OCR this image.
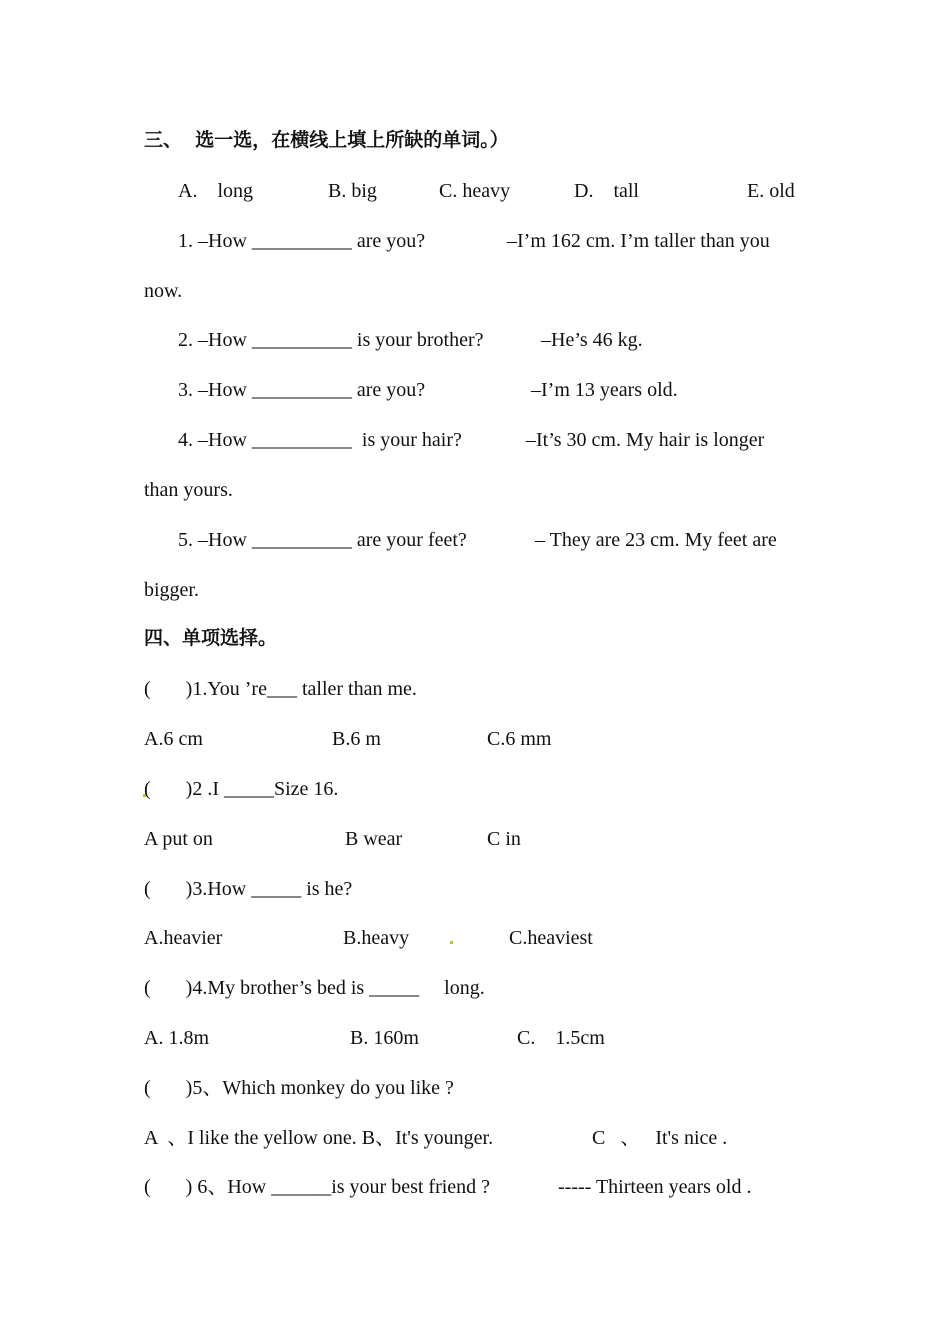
三、  选一选，在横线上填上所缺的单词。）
A.    long	B. big	C. heavy	D.    tall	E. old
1. –How __________ are you?	–I’m 162 cm. I’m taller than you
now.
2. –How __________ is your brother?	–He’s 46 kg.
3. –How __________ are you?	–I’m 13 years old.
4. –How __________  is your hair?	–It’s 30 cm. My hair is longer
than yours.
5. –How __________ are your feet?	– They are 23 cm. My feet are
bigger.
四、单项选择。
(       )1.You ’re___ taller than me.
A.6 cm	B.6 m	C.6 mm
(       )2 .I _____Size 16.
A put on	B wear	C in
(       )3.How _____ is he?
A.heavier	B.heavy	C.heaviest
(       )4.My brother’s bed is _____     long.
A. 1.8m	B. 160m	C.    1.5cm
(       )5、Which monkey do you like ?
A  、I like the yellow one. B、It's younger.	C   、   It's nice .
(       ) 6、How ______is your best friend ?	----- Thirteen years old .
